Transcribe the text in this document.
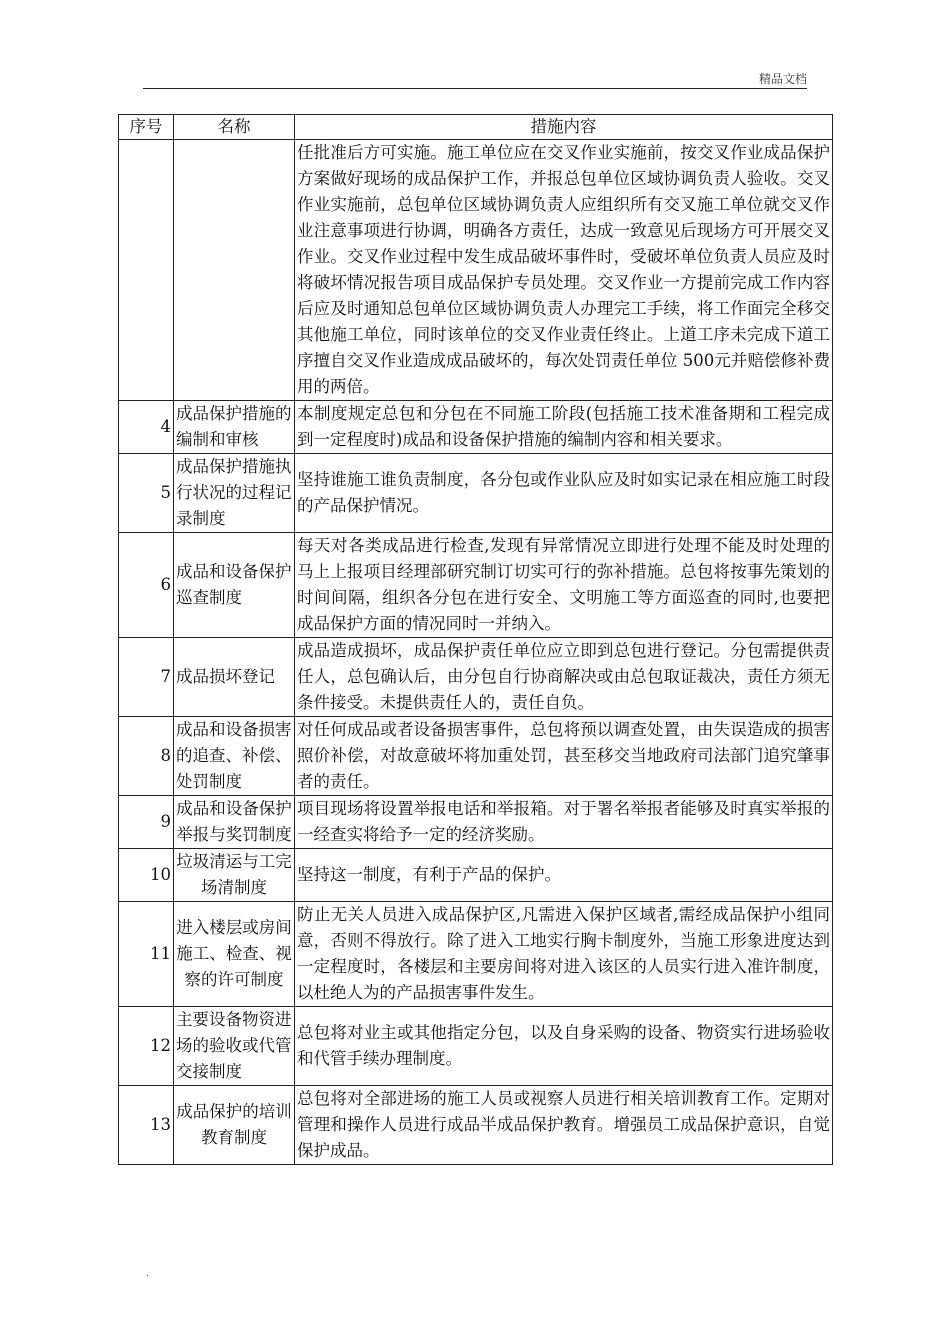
精品文档
序号	名称	措施内容
		任批准后方可实施。施工单位应在交叉作业实施前，按交叉作业成品保护方案做好现场的成品保护工作，并报总包单位区域协调负责人验收。交叉作业实施前，总包单位区域协调负责人应组织所有交叉施工单位就交叉作业注意事项进行协调，明确各方责任，达成一致意见后现场方可开展交叉作业。交叉作业过程中发生成品破坏事件时，受破坏单位负责人员应及时将破坏情况报告项目成品保护专员处理。交叉作业一方提前完成工作内容后应及时通知总包单位区域协调负责人办理完工手续，将工作面完全移交其他施工单位，同时该单位的交叉作业责任终止。上道工序未完成下道工序擅自交叉作业造成成品破坏的，每次处罚责任单位 500元并赔偿修补费用的两倍。
4	成品保护措施的编制和审核	本制度规定总包和分包在不同施工阶段(包括施工技术准备期和工程完成到一定程度时)成品和设备保护措施的编制内容和相关要求。
5	成品保护措施执行状况的过程记录制度	坚持谁施工谁负责制度，各分包或作业队应及时如实记录在相应施工时段的产品保护情况。
6	成品和设备保护巡查制度	每天对各类成品进行检查,发现有异常情况立即进行处理不能及时处理的马上上报项目经理部研究制订切实可行的弥补措施。总包将按事先策划的时间间隔，组织各分包在进行安全、文明施工等方面巡查的同时,也要把成品保护方面的情况同时一并纳入。
7	成品损坏登记	成品造成损坏，成品保护责任单位应立即到总包进行登记。分包需提供责任人，总包确认后，由分包自行协商解决或由总包取证裁决，责任方须无条件接受。未提供责任人的，责任自负。
8	成品和设备损害的追查、补偿、处罚制度	对任何成品或者设备损害事件，总包将预以调查处置，由失误造成的损害照价补偿，对故意破坏将加重处罚，甚至移交当地政府司法部门追究肇事者的责任。
9	成品和设备保护举报与奖罚制度	项目现场将设置举报电话和举报箱。对于署名举报者能够及时真实举报的一经查实将给予一定的经济奖励。
10	垃圾清运与工完场清制度	坚持这一制度，有利于产品的保护。
11	进入楼层或房间施工、检查、视察的许可制度	防止无关人员进入成品保护区,凡需进入保护区域者,需经成品保护小组同意，否则不得放行。除了进入工地实行胸卡制度外，当施工形象进度达到一定程度时，各楼层和主要房间将对进入该区的人员实行进入准许制度，以杜绝人为的产品损害事件发生。
12	主要设备物资进场的验收或代管交接制度	总包将对业主或其他指定分包，以及自身采购的设备、物资实行进场验收和代管手续办理制度。
13	成品保护的培训教育制度	总包将对全部进场的施工人员或视察人员进行相关培训教育工作。定期对管理和操作人员进行成品半成品保护教育。增强员工成品保护意识，自觉保护成品。
.
